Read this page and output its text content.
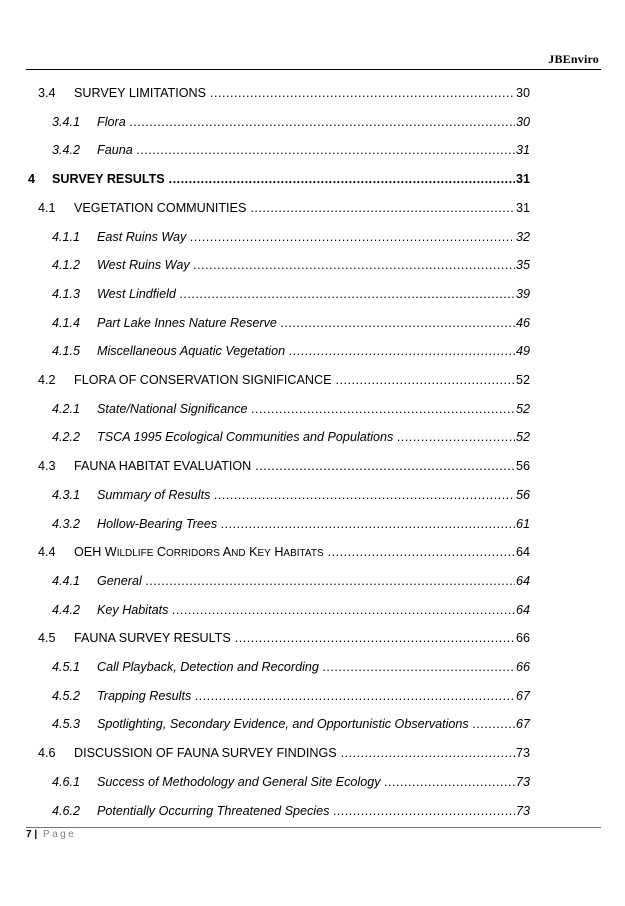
JBEnviro
3.4 SURVEY LIMITATIONS .....	30
3.4.1 Flora .....	30
3.4.2 Fauna .....	31
4 SURVEY RESULTS .....	31
4.1 VEGETATION COMMUNITIES .....	31
4.1.1 East Ruins Way .....	32
4.1.2 West Ruins Way .....	35
4.1.3 West Lindfield .....	39
4.1.4 Part Lake Innes Nature Reserve .....	46
4.1.5 Miscellaneous Aquatic Vegetation .....	49
4.2 FLORA OF CONSERVATION SIGNIFICANCE .....	52
4.2.1 State/National Significance .....	52
4.2.2 TSCA 1995 Ecological Communities and Populations .....	52
4.3 FAUNA HABITAT EVALUATION .....	56
4.3.1 Summary of Results .....	56
4.3.2 Hollow-Bearing Trees .....	61
4.4 OEH WILDLIFE CORRIDORS AND KEY HABITATS .....	64
4.4.1 General .....	64
4.4.2 Key Habitats .....	64
4.5 FAUNA SURVEY RESULTS .....	66
4.5.1 Call Playback, Detection and Recording .....	66
4.5.2 Trapping Results .....	67
4.5.3 Spotlighting, Secondary Evidence, and Opportunistic Observations .....	67
4.6 DISCUSSION OF FAUNA SURVEY FINDINGS .....	73
4.6.1 Success of Methodology and General Site Ecology .....	73
4.6.2 Potentially Occurring Threatened Species .....	73
7 | Page
